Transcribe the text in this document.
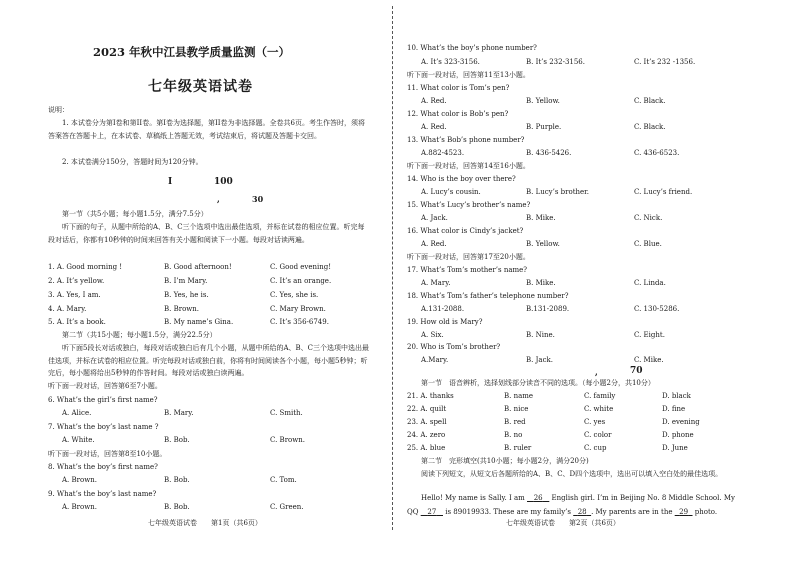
2023 年秋中江县教学质量监测（一）
七年级英语试卷
说明：
1. 本试卷分为第I卷和第II卷。第I卷为选择题，第II卷为非选择题。全卷共6页。考生作答时，须将答案答在答题卡上，在本试卷、草稿纸上答题无效，考试结束后，将试题及答题卡交回。
2. 本试卷满分150分，答题时间为120分钟。
I	100
,	30
第一节（共5小题；每小题1.5分，满分7.5分）
听下面的句子，从题中所给的A、B、C三个选项中选出最佳选项，并标在试卷的相应位置。听完每段对话后，你都有10秒钟的时间来回答有关小题和阅读下一小题。每段对话读两遍。
1. A. Good morning !	B. Good afternoon!	C. Good evening!
2. A. It’s yellow.	B. I’m Mary.	C. It’s an orange.
3. A. Yes, I am.	B. Yes, he is.	C. Yes, she is.
4. A. Mary.	B. Brown.	C. Mary Brown.
5. A. It’s a book.	B. My name’s Gina.	C. It’s 356-6749.
第二节（共15小题；每小题1.5分，满分22.5分）
听下面5段长对话或独白，每段对话或独白后有几个小题，从题中所给的A、B、C三个选项中选出最佳选项，并标在试卷的相应位置。听完每段对话或独白前，你将有时间阅读各个小题，每小题5秒钟；听完后，每小题将给出5秒钟的作答时间。每段对话或独白读两遍。
听下面一段对话，回答第6至7小题。
6. What’s the girl’s first name?
A. Alice.	B. Mary.	C. Smith.
7. What’s the boy’s last name ?
A. White.	B. Bob.	C. Brown.
听下面一段对话，回答第8至10小题。
8. What’s the boy’s first name?
A. Brown.	B. Bob.	C. Tom.
9. What’s the boy’s last name?
A. Brown.	B. Bob.	C. Green.
七年级英语试卷　　第1页（共6页）
10. What’s the boy’s phone number?
A. It’s 323-3156.	B. It’s 232-3156.	C. It’s 232 -1356.
听下面一段对话，回答第11至13小题。
11. What color is Tom’s pen?
A. Red.	B. Yellow.	C. Black.
12. What color is Bob’s pen?
A. Red.	B. Purple.	C. Black.
13. What’s Bob’s phone number?
A.882-4523.	B. 436-5426.	C. 436-6523.
听下面一段对话，回答第14至16小题。
14. Who is the boy over there?
A. Lucy’s cousin.	B. Lucy’s brother.	C. Lucy’s friend.
15. What’s Lucy’s brother’s name?
A. Jack.	B. Mike.	C. Nick.
16. What color is Cindy’s jacket?
A. Red.	B. Yellow.	C. Blue.
听下面一段对话，回答第17至20小题。
17. What’s Tom’s mother’s name?
A. Mary.	B. Mike.	C. Linda.
18. What’s Tom’s father’s telephone number?
A.131-2088.	B.131-2089.	C. 130-5286.
19. How old is Mary?
A. Six.	B. Nine.	C. Eight.
20. Who is Tom’s brother?
A.Mary.	B. Jack.	C. Mike.
,	70
第一节　语音辨析，选择划线部分读音不同的选项。（每小题2分，共10分）
21. A. thanks	B. name	C. family	D. black
22. A. quilt	B. nice	C. white	D. fine
23. A. spell	B. red	C. yes	D. evening
24. A. zero	B. no	C. color	D. phone
25. A. blue	B. ruler	C. cup	D. June
第二节　完形填空(共10小题；每小题2分，满分20分)
阅读下列短文，从短文后各题所给的A、B、C、D四个选项中，选出可以填入空白处的最佳选项。
Hello! My name is Sally. I am    26    English girl. I’m in Beijing No. 8 Middle School. My
QQ    27    is 89019933. These are my family’s   28 . My parents are in the   29   photo.
七年级英语试卷　　第2页（共6页）
